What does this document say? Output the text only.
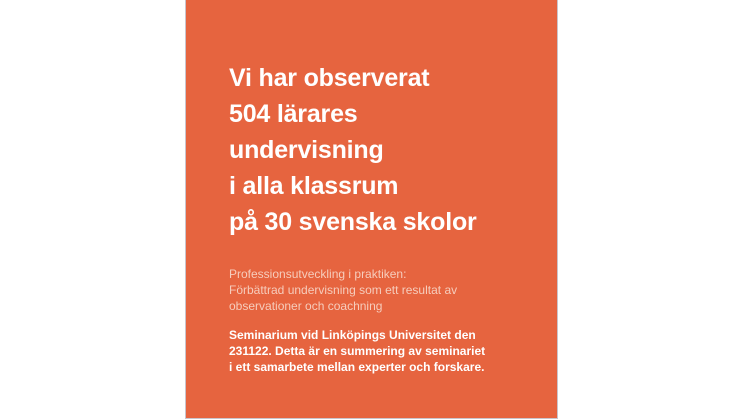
Vi har observerat
504 lärares
undervisning
i alla klassrum
på 30 svenska skolor
Professionsutveckling i praktiken:
Förbättrad undervisning som ett resultat av
observationer och coachning
Seminarium vid Linköpings Universitet den
231122. Detta är en summering av seminariet
i ett samarbete mellan experter och forskare.
